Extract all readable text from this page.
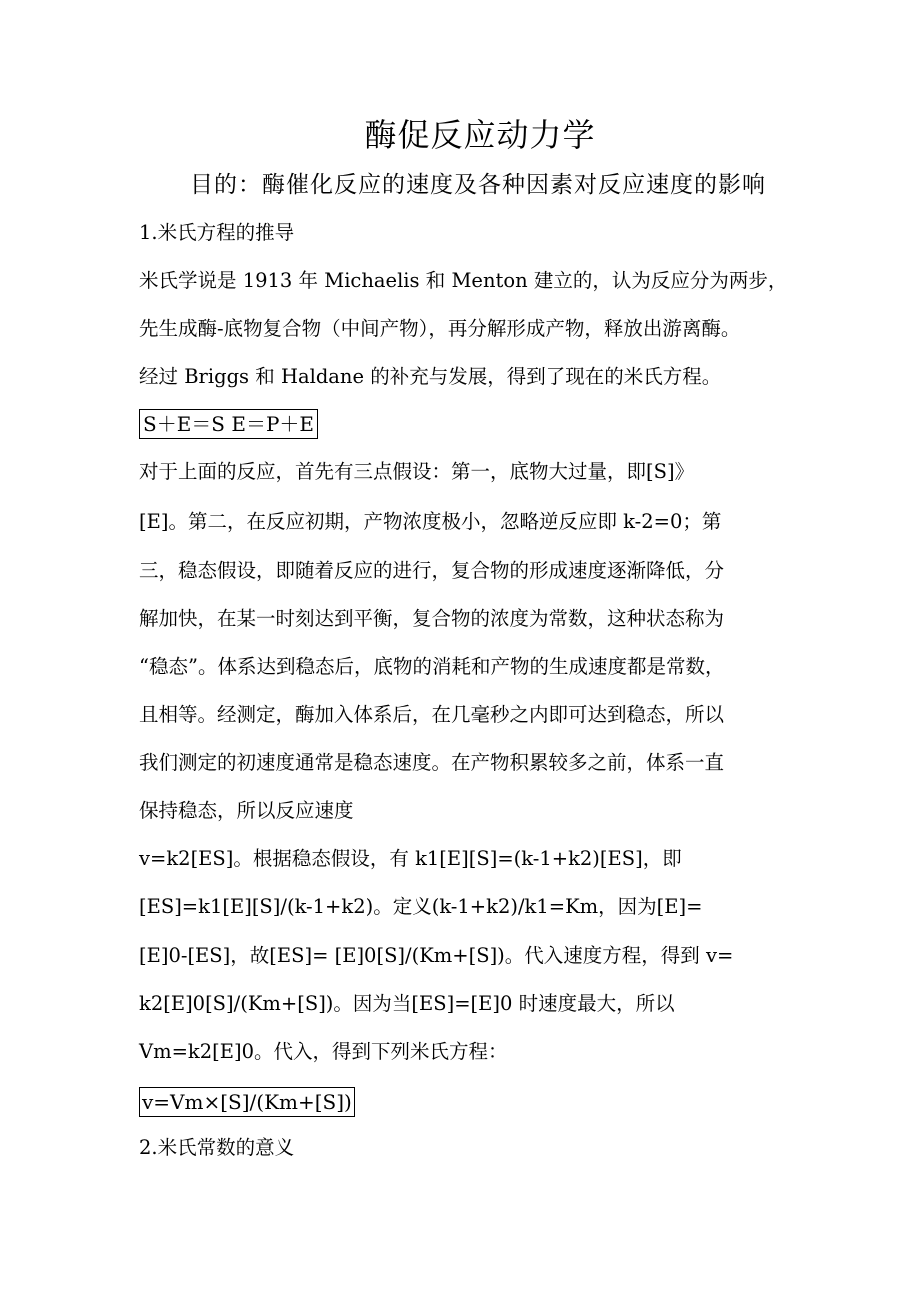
酶促反应动力学
目的：酶催化反应的速度及各种因素对反应速度的影响
1.米氏方程的推导
米氏学说是 1913 年 Michaelis 和 Menton 建立的，认为反应分为两步，
先生成酶-底物复合物（中间产物），再分解形成产物，释放出游离酶。
经过 Briggs 和 Haldane 的补充与发展，得到了现在的米氏方程。
S＋E＝S E＝P＋E
对于上面的反应，首先有三点假设：第一，底物大过量，即[S]》
[E]。第二，在反应初期，产物浓度极小，忽略逆反应即 k-2=0；第
三，稳态假设，即随着反应的进行，复合物的形成速度逐渐降低，分
解加快，在某一时刻达到平衡，复合物的浓度为常数，这种状态称为
“稳态”。体系达到稳态后，底物的消耗和产物的生成速度都是常数，
且相等。经测定，酶加入体系后，在几毫秒之内即可达到稳态，所以
我们测定的初速度通常是稳态速度。在产物积累较多之前，体系一直
保持稳态，所以反应速度
v=k2[ES]。根据稳态假设，有 k1[E][S]=(k-1+k2)[ES]，即
[ES]=k1[E][S]/(k-1+k2)。定义(k-1+k2)/k1=Km，因为[E]=
[E]0-[ES]，故[ES]= [E]0[S]/(Km+[S])。代入速度方程，得到 v=
k2[E]0[S]/(Km+[S])。因为当[ES]=[E]0 时速度最大，所以
Vm=k2[E]0。代入，得到下列米氏方程：
v=Vm×[S]/(Km+[S])
2.米氏常数的意义
